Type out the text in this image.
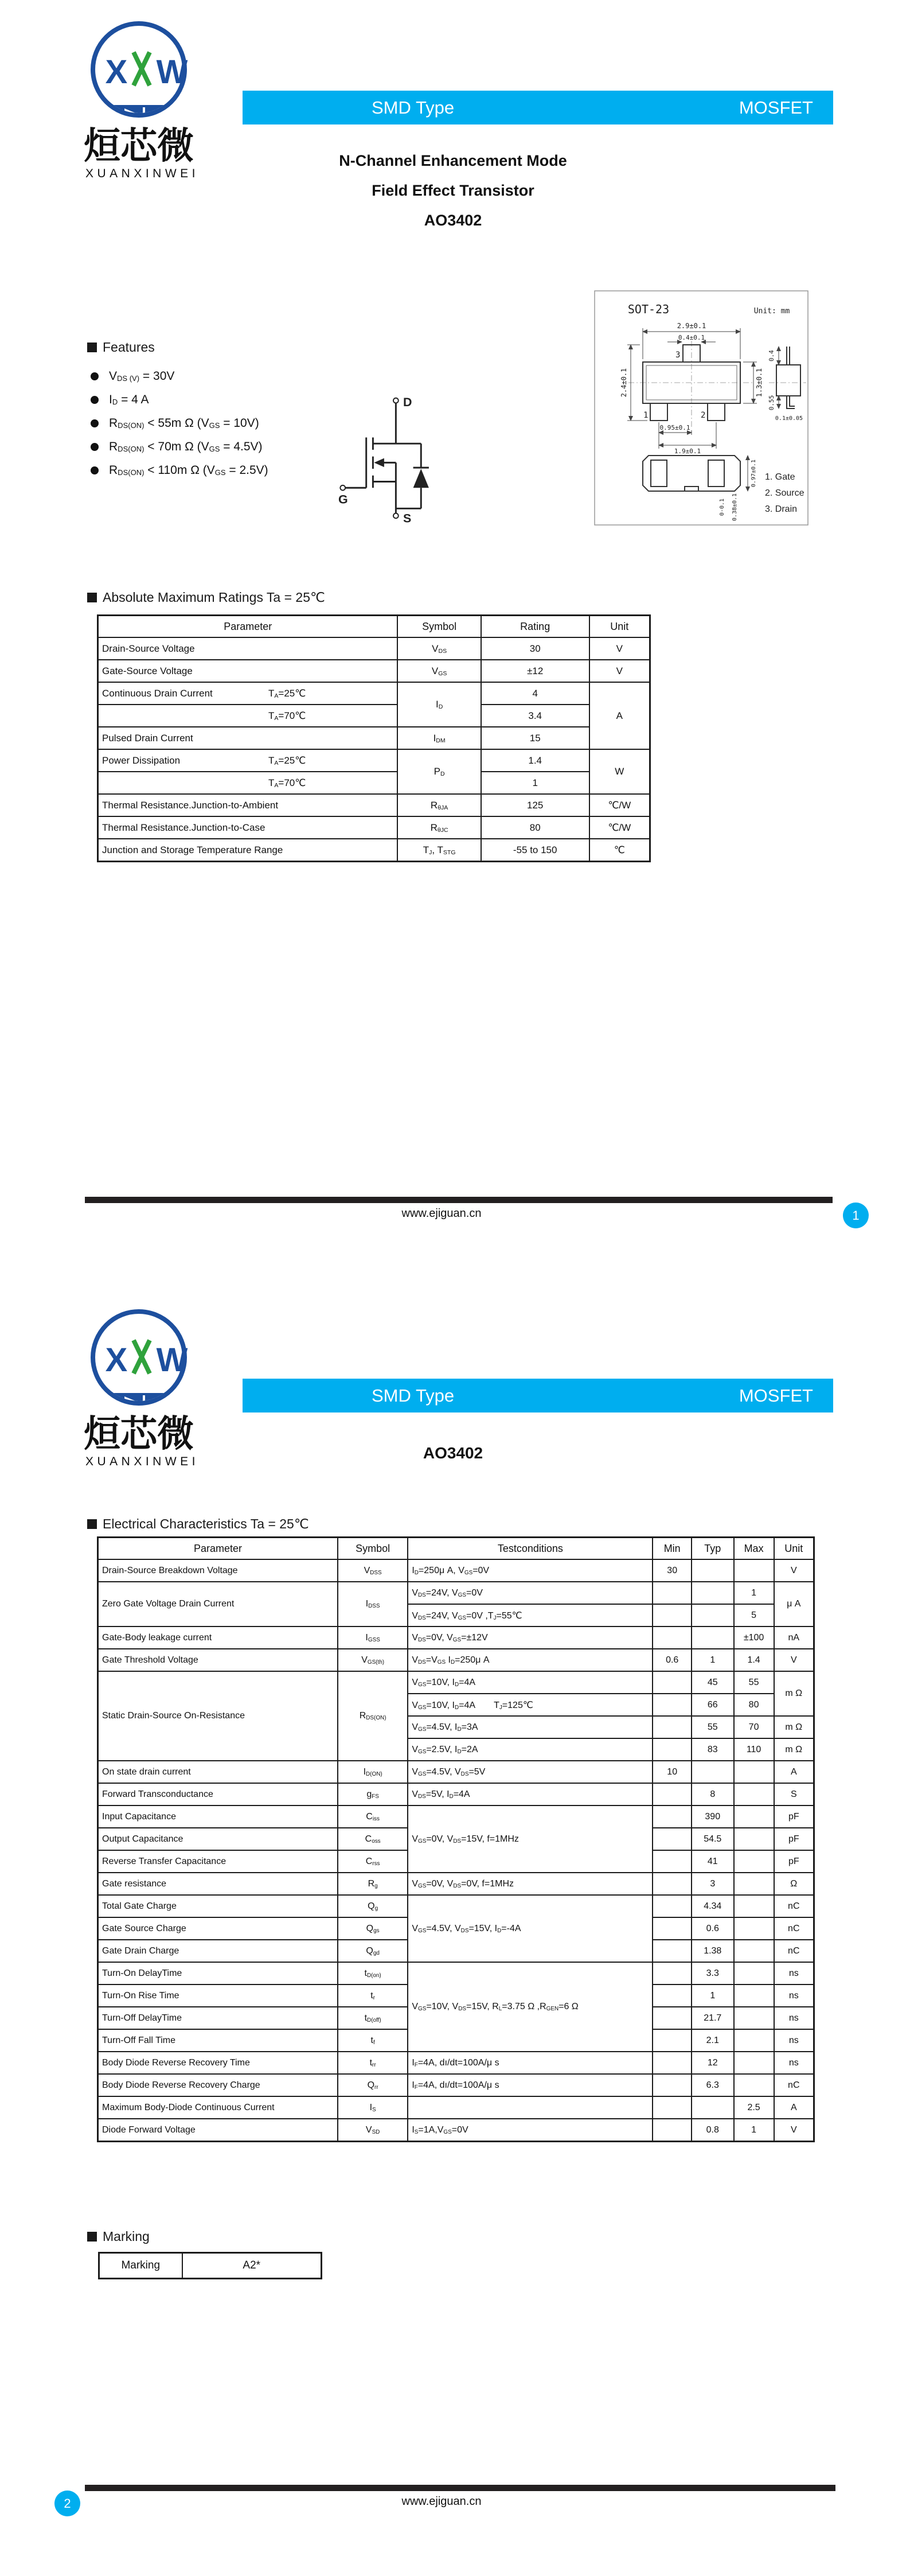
X W
烜芯微
XUANXINWEI
SMD Type	MOSFET
N-Channel Enhancement Mode
Field Effect Transistor
AO3402
Features
$V_{DS (V)} = 30V$
$I_D = 4$ A
$R_{DS(ON)} < 55m$ Ω $(V_{GS} = 10V)$
$R_{DS(ON)} < 70m$ Ω $(V_{GS} = 4.5V)$
$R_{DS(ON)} < 110m$ Ω $(V_{GS} = 2.5V)$
D
G
S
SOT-23	Unit: mm
3
1	2
2.9±0.1
0.4±0.1
2.4±0.1	1.3±0.1
0.95±0.1
1.9±0.1
0.4
0.55
0.1±0.05
0.97±0.1
0.38±0.1
0-0.1
1. Gate
2. Source
3. Drain
Absolute Maximum Ratings Ta = 25℃
Parameter	Symbol	Rating	Unit
Drain-Source Voltage	$V_{DS}$	30	V
Gate-Source Voltage	$V_{GS}$	±12	V
Continuous Drain Current $T_A=25℃$	$I_D$	4	A
$T_A=70℃$		3.4	
Pulsed Drain Current	$I_{DM}$	15	
Power Dissipation $T_A=25℃$	$P_D$	1.4	W
$T_A=70℃$		1	
Thermal Resistance.Junction-to-Ambient	$R_{\theta JA}$	125	℃/W
Thermal Resistance.Junction-to-Case	$R_{\theta JC}$	80	℃/W
Junction and Storage Temperature Range	$T_J$, $T_{STG}$	-55 to 150	℃
www.ejiguan.cn	1
X W
烜芯微
XUANXINWEI
SMD Type	MOSFET
AO3402
Electrical Characteristics Ta = 25℃
Parameter	Symbol	Testconditions	Min	Typ	Max	Unit
Drain-Source Breakdown Voltage	$V_{DSS}$	$I_D=250\mu$ A, $V_{GS}=0V$	30			V
Zero Gate Voltage Drain Current	$I_{DSS}$	$V_{DS}=24V$, $V_{GS}=0V$			1	μ A
		$V_{DS}=24V$, $V_{GS}=0V$ $,T_J=55℃$			5	
Gate-Body leakage current	$I_{GSS}$	$V_{DS}=0V$, $V_{GS}=\pm 12V$			±100	nA
Gate Threshold Voltage	$V_{GS(th)}$	$V_{DS}=V_{GS}$ $I_D=250\mu$ A	0.6	1	1.4	V
Static Drain-Source On-Resistance	$R_{DS(ON)}$	$V_{GS}=10V$, $I_D=4A$		45	55	m Ω
		$V_{GS}=10V$, $I_D=4A$  $T_J=125℃$		66	80	
		$V_{GS}=4.5V$, $I_D=3A$		55	70	m Ω
		$V_{GS}=2.5V$, $I_D=2A$		83	110	m Ω
On state drain current	$I_{D(ON)}$	$V_{GS}=4.5V$, $V_{DS}=5V$	10			A
Forward Transconductance	$g_{FS}$	$V_{DS}=5V$, $I_D=4A$		8		S
Input Capacitance	$C_{iss}$	$V_{GS}=0V$, $V_{DS}=15V$, f=1MHz		390		pF
Output Capacitance	$C_{oss}$			54.5		pF
Reverse Transfer Capacitance	$C_{rss}$			41		pF
Gate resistance	$R_g$	$V_{GS}=0V$, $V_{DS}=0V$, f=1MHz		3		Ω
Total Gate Charge	$Q_g$	$V_{GS}=4.5V$, $V_{DS}=15V$, $I_D=-4A$		4.34		nC
Gate Source Charge	$Q_{gs}$			0.6		nC
Gate Drain Charge	$Q_{gd}$			1.38		nC
Turn-On DelayTime	$t_{D(on)}$	$V_{GS}=10V$, $V_{DS}=15V$, $R_L=3.75$ Ω $,R_{GEN}=6$ Ω		3.3		ns
Turn-On Rise Time	$t_r$			1		ns
Turn-Off DelayTime	$t_{D(off)}$			21.7		ns
Turn-Off Fall Time	$t_f$			2.1		ns
Body Diode Reverse Recovery Time	$t_{rr}$	$I_F=4A$, dı/dt=100A/μ s		12		ns
Body Diode Reverse Recovery Charge	$Q_{rr}$	$I_F=4A$, dı/dt=100A/μ s		6.3		nC
Maximum Body-Diode Continuous Current	$I_S$				2.5	A
Diode Forward Voltage	$V_{SD}$	$I_S=1A,V_{GS}=0V$		0.8	1	V
Marking
Marking	A2*
www.ejiguan.cn
2
